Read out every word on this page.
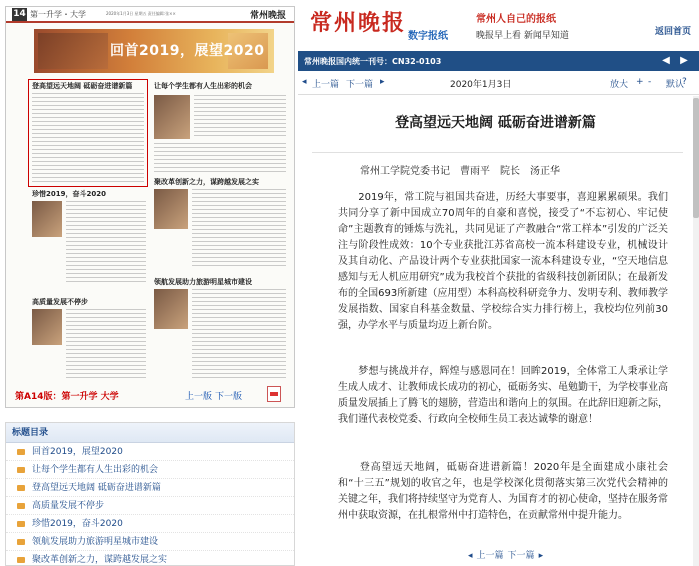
14 第一升学・大学	2020年1月3日 星期五 责任编辑:张××	常州晚报
回首2019，展望2020
登高望远天地阔 砥砺奋进谱新篇	让每个学生都有人生出彩的机会
聚改革创新之力，谋跨越发展之实
珍惜2019，奋斗2020
领航发展助力旅游明星城市建设
高质量发展不停步
第A14版：第一升学 大学	上一版 下一版
标题目录
回首2019，展望2020
让每个学生都有人生出彩的机会
登高望远天地阔 砥砺奋进谱新篇
高质量发展不停步
珍惜2019，奋斗2020
领航发展助力旅游明星城市建设
聚改革创新之力，谋跨越发展之实
常州晚报
数字报纸
常州人自己的报纸
晚报早上看 新闻早知道	返回首页
常州晚报国内统一刊号：CN32-0103	◀ ▶
◂ 上一篇 下一篇 ▸	2020年1月3日	放大 + - 默认
?
登高望远天地阔 砥砺奋进谱新篇
常州工学院党委书记　曹雨平　院长　汤正华
　　2019年，常工院与祖国共奋进，历经大事要事，喜迎累累硕果。我们共同分享了新中国成立70周年的自豪和喜悦，接受了“不忘初心、牢记使命”主题教育的锤炼与洗礼，共同见证了产教融合“常工样本”引发的广泛关注与阶段性成效：10个专业获批江苏省高校一流本科建设专业，机械设计及其自动化、产品设计两个专业获批国家一流本科建设专业，“空天地信息感知与无人机应用研究”成为我校首个获批的省级科技创新团队；在最新发布的全国693所新建（应用型）本科高校科研竞争力、发明专利、教师教学发展指数、国家自科基金数量、学校综合实力排行榜上，我校均位列前30强，办学水平与质量均迈上新台阶。
　　梦想与挑战并存，辉煌与感恩同在！回眸2019，全体常工人秉承让学生成人成才、让教师成长成功的初心，砥砺务实、黾勉勤干，为学校事业高质量发展插上了腾飞的翅膀，营造出和谐向上的氛围。在此辞旧迎新之际，我们谨代表校党委、行政向全校师生员工表达诚挚的谢意！
　　登高望远天地阔，砥砺奋进谱新篇！2020年是全面建成小康社会和“十三五”规划的收官之年，也是学校深化贯彻落实第三次党代会精神的关键之年，我们将持续坚守为党育人、为国育才的初心使命，坚持在服务常州中获取资源，在扎根常州中打造特色，在贡献常州中提升能力。
◂ 上一篇 下一篇 ▸
